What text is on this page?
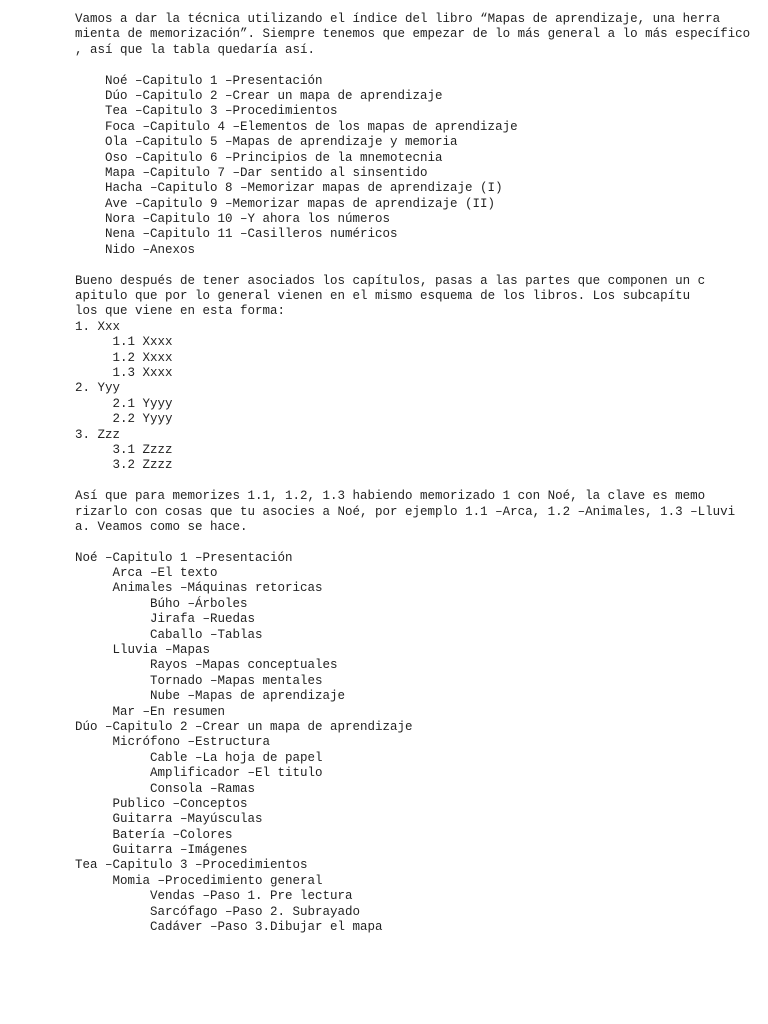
Vamos a dar la técnica utilizando el índice del libro “Mapas de aprendizaje, una herra
mienta de memorización”. Siempre tenemos que empezar de lo más general a lo más específico
, así que la tabla quedaría así.
Noé –Capitulo 1 –Presentación
Dúo –Capitulo 2 –Crear un mapa de aprendizaje
Tea –Capitulo 3 –Procedimientos
Foca –Capitulo 4 –Elementos de los mapas de aprendizaje
Ola –Capitulo 5 –Mapas de aprendizaje y memoria
Oso –Capitulo 6 –Principios de la mnemotecnia
Mapa –Capitulo 7 –Dar sentido al sinsentido
Hacha –Capitulo 8 –Memorizar mapas de aprendizaje (I)
Ave –Capitulo 9 –Memorizar mapas de aprendizaje (II)
Nora –Capitulo 10 –Y ahora los números
Nena –Capitulo 11 –Casilleros numéricos
Nido –Anexos
Bueno después de tener asociados los capítulos, pasas a las partes que componen un c
apitulo que por lo general vienen en el mismo esquema de los libros. Los subcapítu
los que viene en esta forma:
1. Xxx
1.1 Xxxx
1.2 Xxxx
1.3 Xxxx
2. Yyy
2.1 Yyyy
2.2 Yyyy
3. Zzz
3.1 Zzzz
3.2 Zzzz
Así que para memorizes 1.1, 1.2, 1.3 habiendo memorizado 1 con Noé, la clave es memo
rizarlo con cosas que tu asocies a Noé, por ejemplo 1.1 –Arca, 1.2 –Animales, 1.3 –Lluvi
a. Veamos como se hace.
Noé –Capitulo 1 –Presentación
Arca –El texto
Animales –Máquinas retoricas
Búho –Árboles
Jirafa –Ruedas
Caballo –Tablas
Lluvia –Mapas
Rayos –Mapas conceptuales
Tornado –Mapas mentales
Nube –Mapas de aprendizaje
Mar –En resumen
Dúo –Capitulo 2 –Crear un mapa de aprendizaje
Micrófono –Estructura
Cable –La hoja de papel
Amplificador –El titulo
Consola –Ramas
Publico –Conceptos
Guitarra –Mayúsculas
Batería –Colores
Guitarra –Imágenes
Tea –Capitulo 3 –Procedimientos
Momia –Procedimiento general
Vendas –Paso 1. Pre lectura
Sarcófago –Paso 2. Subrayado
Cadáver –Paso 3.Dibujar el mapa
